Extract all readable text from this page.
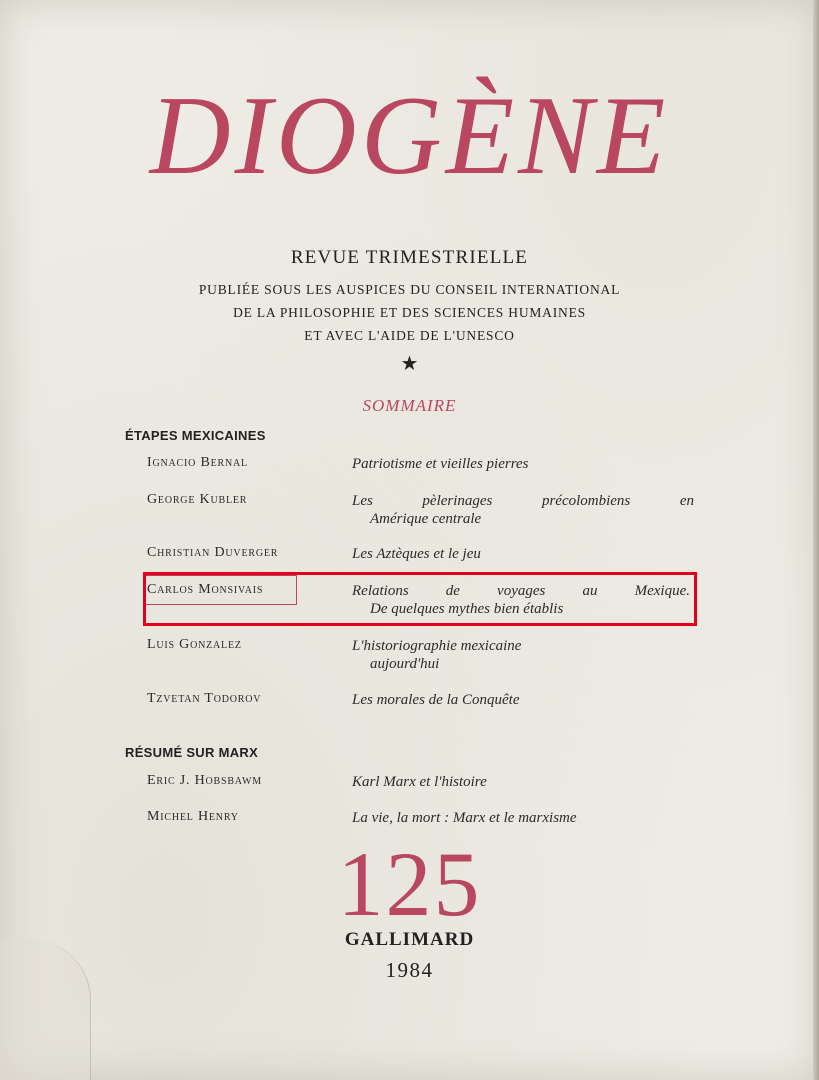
DIOGÈNE
REVUE TRIMESTRIELLE
PUBLIÉE SOUS LES AUSPICES DU CONSEIL INTERNATIONAL
DE LA PHILOSOPHIE ET DES SCIENCES HUMAINES
ET AVEC L'AIDE DE L'UNESCO
★
SOMMAIRE
ÉTAPES MEXICAINES
Ignacio Bernal	Patriotisme et vieilles pierres
George Kubler	Les pèlerinages précolombiens en
Amérique centrale
Christian Duverger	Les Aztèques et le jeu
Carlos Monsivais	Relations de voyages au Mexique.
De quelques mythes bien établis
Luis Gonzalez	L'historiographie mexicaine
aujourd'hui
Tzvetan Todorov	Les morales de la Conquête
RÉSUMÉ SUR MARX
Eric J. Hobsbawm	Karl Marx et l'histoire
Michel Henry	La vie, la mort : Marx et le marxisme
125
GALLIMARD
1984
